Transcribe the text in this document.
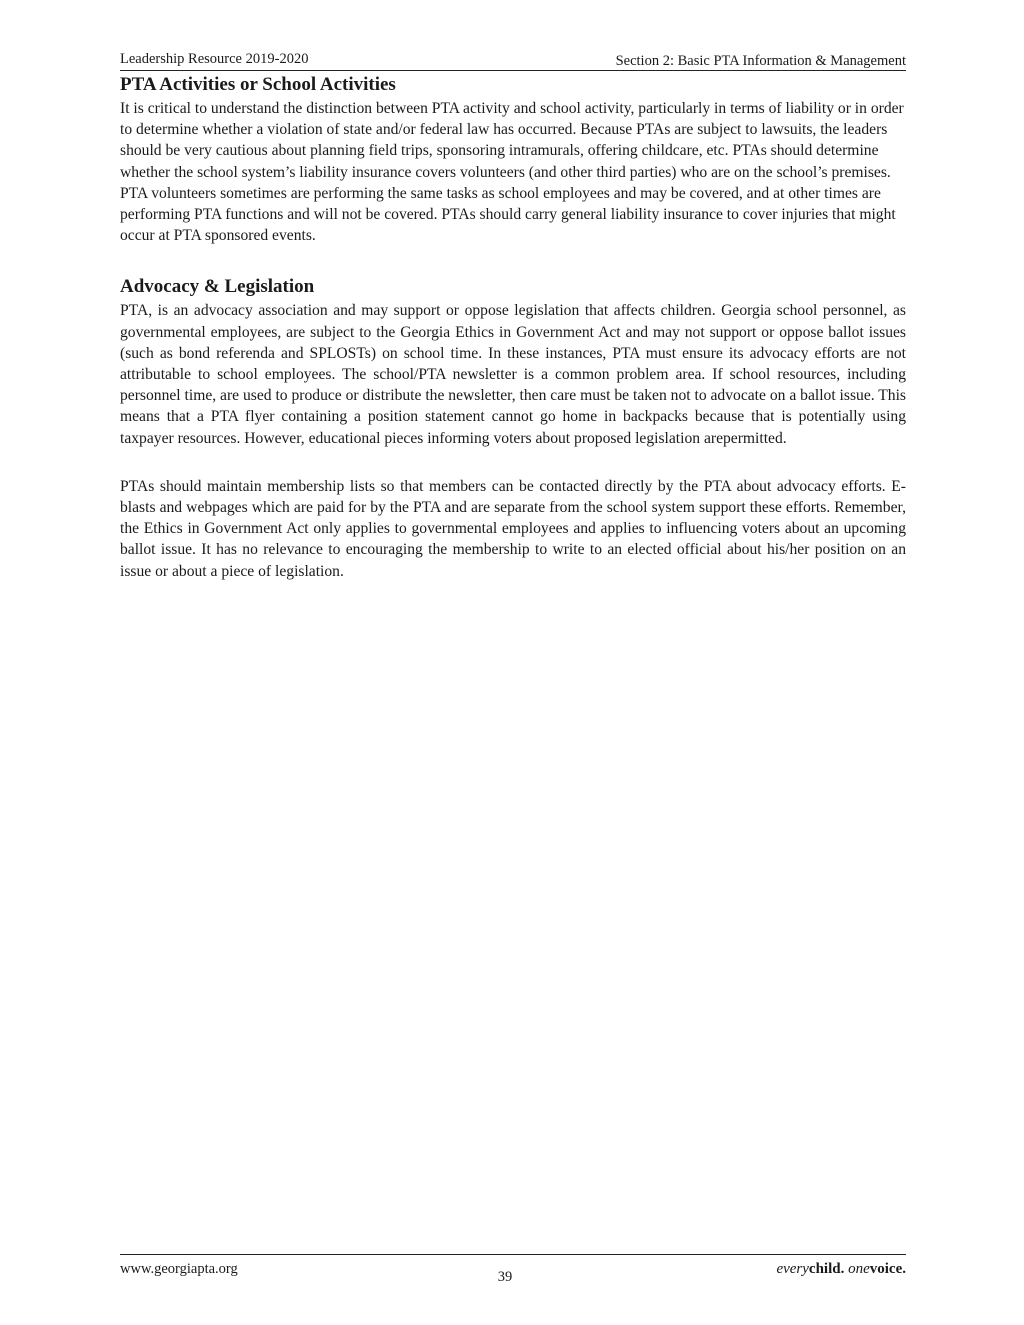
Leadership Resource 2019-2020	Section 2: Basic PTA Information & Management
PTA Activities or School Activities

It is critical to understand the distinction between PTA activity and school activity, particularly in terms of liability or in order to determine whether a violation of state and/or federal law has occurred. Because PTAs are subject to lawsuits, the leaders should be very cautious about planning field trips, sponsoring intramurals, offering childcare, etc. PTAs should determine whether the school system’s liability insurance covers volunteers (and other third parties) who are on the school’s premises. PTA volunteers sometimes are performing the same tasks as school employees and may be covered, and at other times are performing PTA functions and will not be covered. PTAs should carry general liability insurance to cover injuries that might occur at PTA sponsored events.

Advocacy & Legislation

PTA, is an advocacy association and may support or oppose legislation that affects children. Georgia school personnel, as governmental employees, are subject to the Georgia Ethics in Government Act and may not support or oppose ballot issues (such as bond referenda and SPLOSTs) on school time. In these instances, PTA must ensure its advocacy efforts are not attributable to school employees. The school/PTA newsletter is a common problem area. If school resources, including personnel time, are used to produce or distribute the newsletter, then care must be taken not to advocate on a ballot issue. This means that a PTA flyer containing a position statement cannot go home in backpacks because that is potentially using taxpayer resources. However, educational pieces informing voters about proposed legislation arepermitted.

PTAs should maintain membership lists so that members can be contacted directly by the PTA about advocacy efforts. E-blasts and webpages which are paid for by the PTA and are separate from the school system support these efforts. Remember, the Ethics in Government Act only applies to governmental employees and applies to influencing voters about an upcoming ballot issue. It has no relevance to encouraging the membership to write to an elected official about his/her position on an issue or about a piece of legislation.

www.georgiapta.org	39	everychild. onevoice.
